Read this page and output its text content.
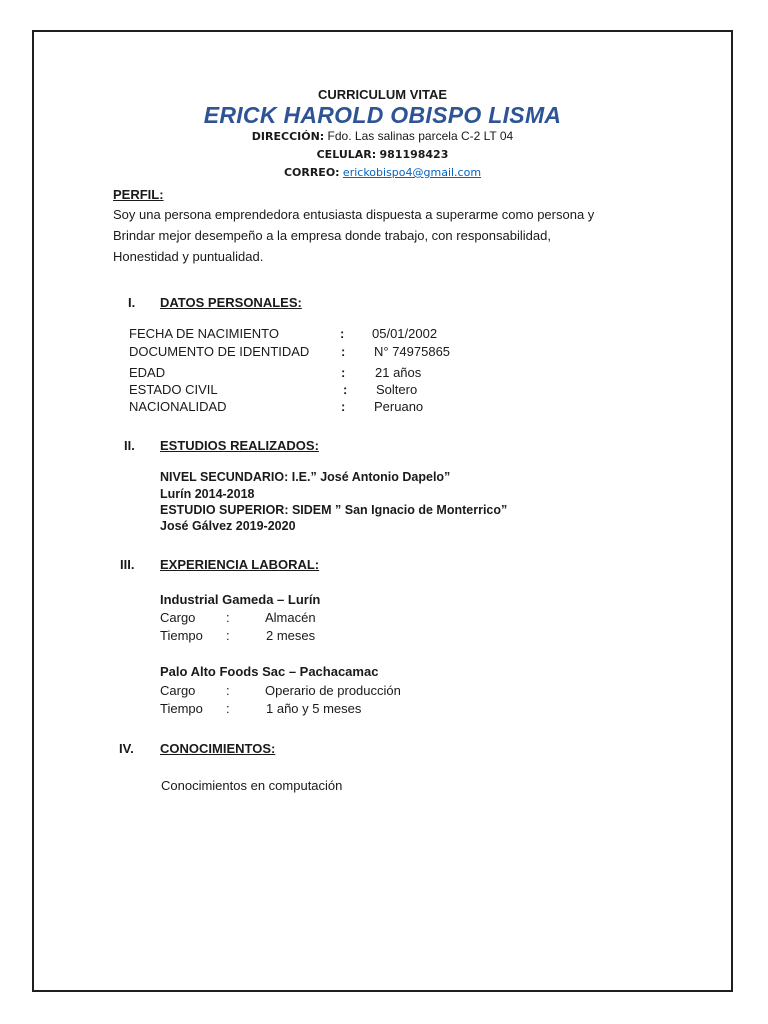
CURRICULUM VITAE
ERICK HAROLD OBISPO LISMA
DIRECCIÓN: Fdo. Las salinas parcela C-2 LT 04
CELULAR: 981198423
CORREO: erickobispo4@gmail.com
PERFIL:
Soy una persona emprendedora entusiasta dispuesta a superarme como persona y
Brindar mejor desempeño a la empresa donde trabajo, con responsabilidad,
Honestidad y puntualidad.
I. DATOS PERSONALES:
FECHA DE NACIMIENTO	: 05/01/2002
DOCUMENTO DE IDENTIDAD : N° 74975865
EDAD	: 21 años
ESTADO CIVIL	: Soltero
NACIONALIDAD	: Peruano
II. ESTUDIOS REALIZADOS:
NIVEL SECUNDARIO: I.E.” José Antonio Dapelo”
Lurín 2014-2018
ESTUDIO SUPERIOR: SIDEM ” San Ignacio de Monterrico”
José Gálvez 2019-2020
III. EXPERIENCIA LABORAL:
Industrial Gameda – Lurín
Cargo :	Almacén
Tiempo :	2 meses
Palo Alto Foods Sac – Pachacamac
Cargo :	Operario de producción
Tiempo :	1 año y 5 meses
IV. CONOCIMIENTOS:
Conocimientos en computación
